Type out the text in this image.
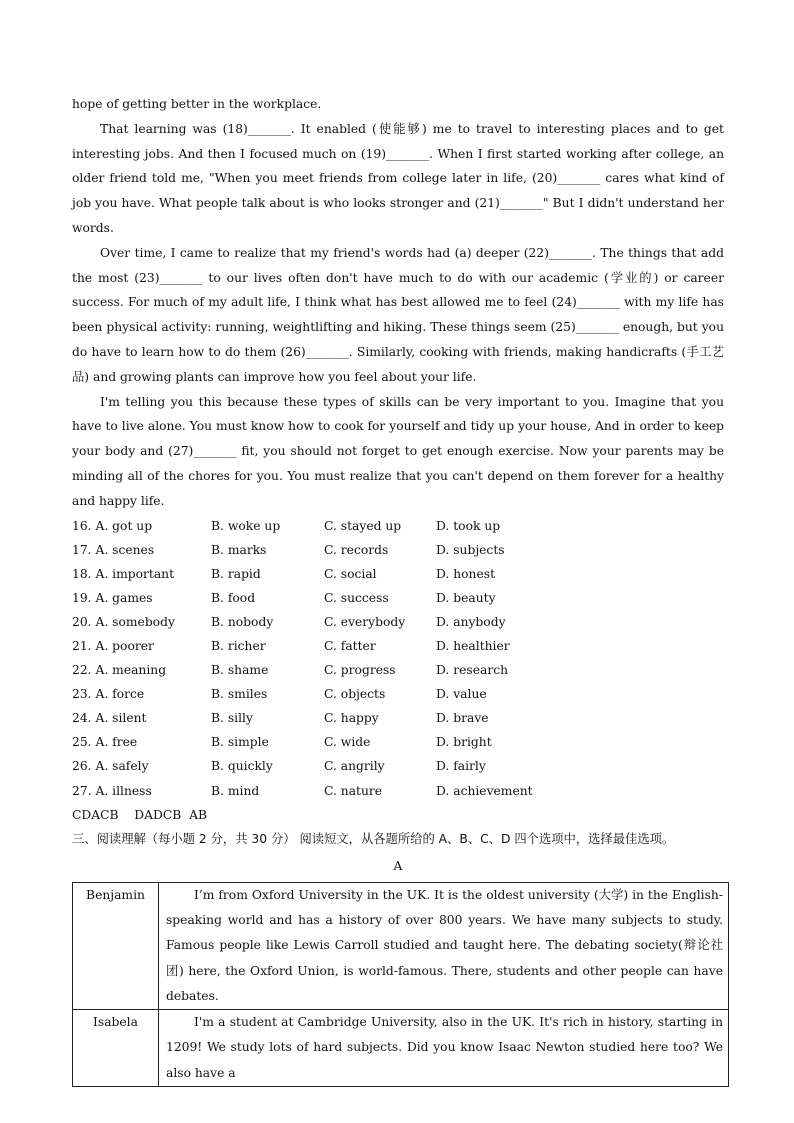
hope of getting better in the workplace.

That learning was (18)_______. It enabled (使能够) me to travel to interesting places and to get interesting jobs. And then I focused much on (19)_______. When I first started working after college, an older friend told me, "When you meet friends from college later in life, (20)_______ cares what kind of job you have. What people talk about is who looks stronger and (21)_______" But I didn't understand her words.

Over time, I came to realize that my friend's words had (a) deeper (22)_______. The things that add the most (23)_______ to our lives often don't have much to do with our academic (学业的) or career success. For much of my adult life, I think what has best allowed me to feel (24)_______ with my life has been physical activity: running, weightlifting and hiking. These things seem (25)_______ enough, but you do have to learn how to do them (26)_______. Similarly, cooking with friends, making handicrafts (手工艺品) and growing plants can improve how you feel about your life.

I'm telling you this because these types of skills can be very important to you. Imagine that you have to live alone. You must know how to cook for yourself and tidy up your house, And in order to keep your body and (27)_______ fit, you should not forget to get enough exercise. Now your parents may be minding all of the chores for you. You must realize that you can't depend on them forever for a healthy and happy life.

16. A. got up	B. woke up	C. stayed up	D. took up
17. A. scenes	B. marks	C. records	D. subjects
18. A. important	B. rapid	C. social	D. honest
19. A. games	B. food	C. success	D. beauty
20. A. somebody	B. nobody	C. everybody	D. anybody
21. A. poorer	B. richer	C. fatter	D. healthier
22. A. meaning	B. shame	C. progress	D. research
23. A. force	B. smiles	C. objects	D. value
24. A. silent	B. silly	C. happy	D. brave
25. A. free	B. simple	C. wide	D. bright
26. A. safely	B. quickly	C. angrily	D. fairly
27. A. illness	B. mind	C. nature	D. achievement
CDACB    DADCB  AB

三、阅读理解（每小题 2 分，共 30 分） 阅读短文，从各题所给的 A、B、C、D 四个选项中，选择最佳选项。

A
Benjamin	I’m from Oxford University in the UK. It is the oldest university (大学) in the English-speaking world and has a history of over 800 years. We have many subjects to study. Famous people like Lewis Carroll studied and taught here. The debating society(辩论社团) here, the Oxford Union, is world-famous. There, students and other people can have debates.
Isabela	I'm a student at Cambridge University, also in the UK. It's rich in history, starting in 1209! We study lots of hard subjects. Did you know Isaac Newton studied here too? We also have a
